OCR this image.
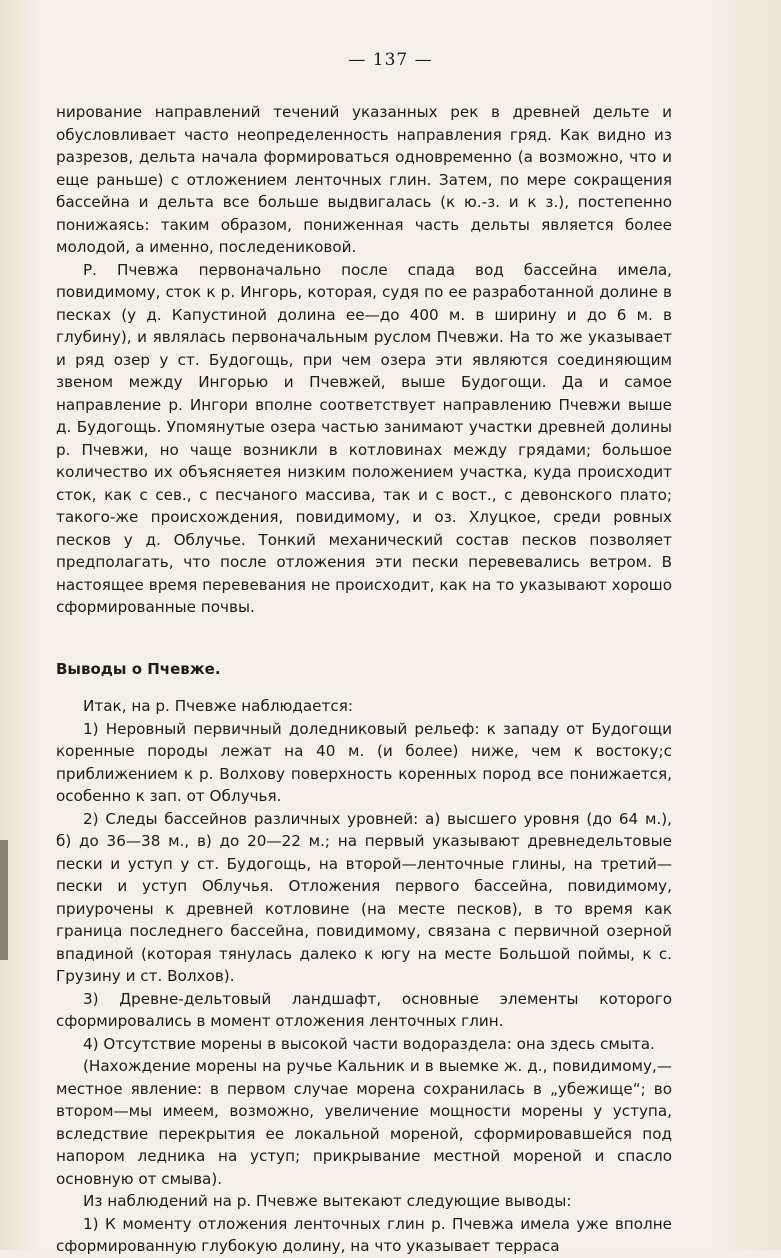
— 137 —

нирование направлений течений указанных рек в древней дельте и обусловливает часто неопределенность направления гряд. Как видно из разрезов, дельта начала формироваться одновременно (а возможно, что и еще раньше) с отложением ленточных глин. Затем, по мере сокращения бассейна и дельта все больше выдвигалась (к ю.-з. и к з.), постепенно понижаясь: таким образом, пониженная часть дельты является более молодой, а именно, последениковой.

Р. Пчевжа первоначально после спада вод бассейна имела, повидимому, сток к р. Ингорь, которая, судя по ее разработанной долине в песках (у д. Капустиной долина ее—до 400 м. в ширину и до 6 м. в глубину), и являлась первоначальным руслом Пчевжи. На то же указывает и ряд озер у ст. Будогощь, при чем озера эти являются соединяющим звеном между Ингорью и Пчевжей, выше Будогощи. Да и самое направление р. Ингори вполне соответствует направлению Пчевжи выше д. Будогощь. Упомянутые озера частью занимают участки древней долины р. Пчевжи, но чаще возникли в котловинах между грядами; большое количество их объясняетея низким положением участка, куда происходит сток, как с сев., с песчаного массива, так и с вост., с девонского плато; такого-же происхождения, повидимому, и оз. Хлуцкое, среди ровных песков у д. Облучье. Тонкий механический состав песков позволяет предполагать, что после отложения эти пески перевевались ветром. В настоящее время перевевания не происходит, как на то указывают хорошо сформированные почвы.

Выводы о Пчевже.

Итак, на р. Пчевже наблюдается:

1) Неровный первичный доледниковый рельеф: к западу от Будогощи коренные породы лежат на 40 м. (и более) ниже, чем к востоку;с приближением к р. Волхову поверхность коренных пород все понижается, особенно к зап. от Облучья.

2) Следы бассейнов различных уровней: а) высшего уровня (до 64 м.), б) до 36—38 м., в) до 20—22 м.; на первый указывают древнедельтовые пески и уступ у ст. Будогощь, на второй—ленточные глины, на третий—пески и уступ Облучья. Отложения первого бассейна, повидимому, приурочены к древней котловине (на месте песков), в то время как граница последнего бассейна, повидимому, связана с первичной озерной впадиной (которая тянулась далеко к югу на месте Большой поймы, к с. Грузину и ст. Волхов).

3) Древне-дельтовый ландшафт, основные элементы которого сформировались в момент отложения ленточных глин.

4) Отсутствие морены в высокой части водораздела: она здесь смыта.

(Нахождение морены на ручье Кальник и в выемке ж. д., повидимому,—местное явление: в первом случае морена сохранилась в „убежище“; во втором—мы имеем, возможно, увеличение мощности морены у уступа, вследствие перекрытия ее локальной мореной, сформировавшейся под напором ледника на уступ; прикрывание местной мореной и спасло основную от смыва).

Из наблюдений на р. Пчевже вытекают следующие выводы:

1) К моменту отложения ленточных глин р. Пчевжа имела уже вполне сформированную глубокую долину, на что указывает терраса
